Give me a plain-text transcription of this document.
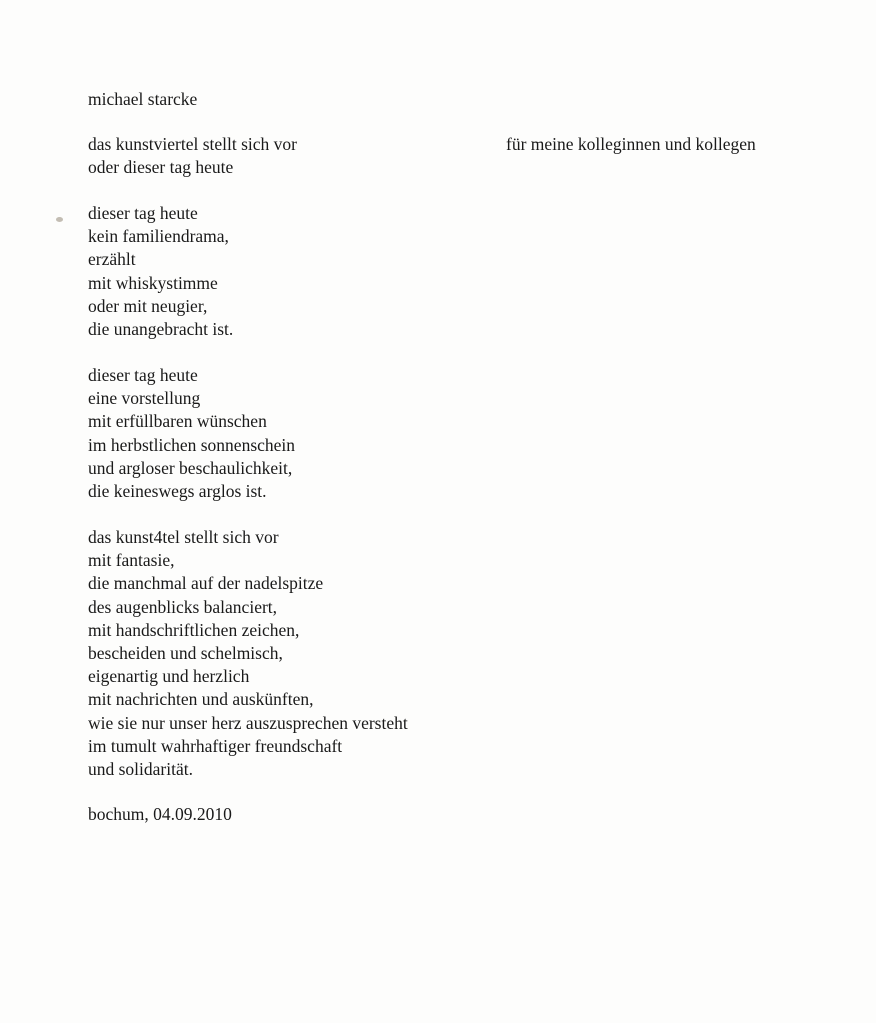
michael starcke
das kunstviertel stellt sich vor
oder dieser tag heute
für meine kolleginnen und kollegen
dieser tag heute
kein familiendrama,
erzählt
mit whiskystimme
oder mit neugier,
die unangebracht ist.
dieser tag heute
eine vorstellung
mit erfüllbaren wünschen
im herbstlichen sonnenschein
und argloser beschaulichkeit,
die keineswegs arglos ist.
das kunst4tel stellt sich vor
mit fantasie,
die manchmal auf der nadelspitze
des augenblicks balanciert,
mit handschriftlichen zeichen,
bescheiden und schelmisch,
eigenartig und herzlich
mit nachrichten und auskünften,
wie sie nur unser herz auszusprechen versteht
im tumult wahrhaftiger freundschaft
und solidarität.
bochum, 04.09.2010
